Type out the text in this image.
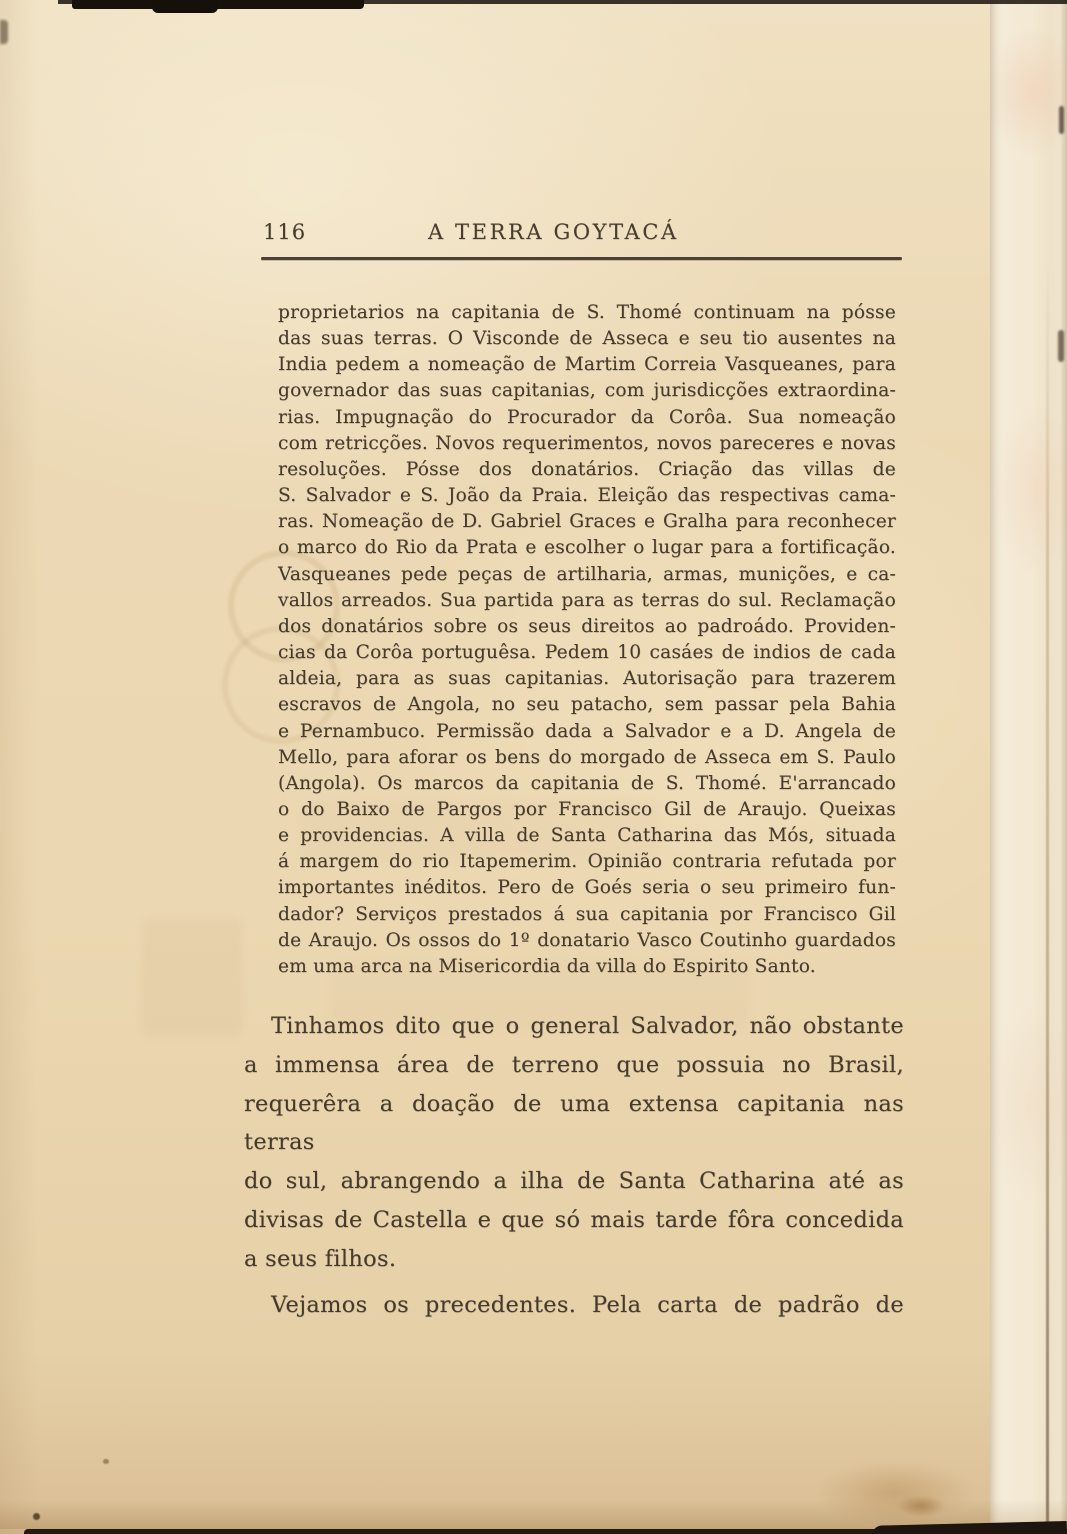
116	A TERRA GOYTACÁ
proprietarios na capitania de S. Thomé continuam na pósse
das suas terras. O Visconde de Asseca e seu tio ausentes na
India pedem a nomeação de Martim Correia Vasqueanes, para
governador das suas capitanias, com jurisdicções extraordina-
rias. Impugnação do Procurador da Corôa. Sua nomeação
com retricções. Novos requerimentos, novos pareceres e novas
resoluções. Pósse dos donatários. Criação das villas de
S. Salvador e S. João da Praia. Eleição das respectivas cama-
ras. Nomeação de D. Gabriel Graces e Gralha para reconhecer
o marco do Rio da Prata e escolher o lugar para a fortificação.
Vasqueanes pede peças de artilharia, armas, munições, e ca-
vallos arreados. Sua partida para as terras do sul. Reclamação
dos donatários sobre os seus direitos ao padroádo. Providen-
cias da Corôa portuguêsa. Pedem 10 casáes de indios de cada
aldeia, para as suas capitanias. Autorisação para trazerem
escravos de Angola, no seu patacho, sem passar pela Bahia
e Pernambuco. Permissão dada a Salvador e a D. Angela de
Mello, para aforar os bens do morgado de Asseca em S. Paulo
(Angola). Os marcos da capitania de S. Thomé. E'arrancado
o do Baixo de Pargos por Francisco Gil de Araujo. Queixas
e providencias. A villa de Santa Catharina das Mós, situada
á margem do rio Itapemerim. Opinião contraria refutada por
importantes inéditos. Pero de Goés seria o seu primeiro fun-
dador? Serviços prestados á sua capitania por Francisco Gil
de Araujo. Os ossos do 1º donatario Vasco Coutinho guardados
em uma arca na Misericordia da villa do Espirito Santo.
Tinhamos dito que o general Salvador, não obstante
a immensa área de terreno que possuia no Brasil,
requerêra a doação de uma extensa capitania nas terras
do sul, abrangendo a ilha de Santa Catharina até as
divisas de Castella e que só mais tarde fôra concedida
a seus filhos.
Vejamos os precedentes. Pela carta de padrão de
